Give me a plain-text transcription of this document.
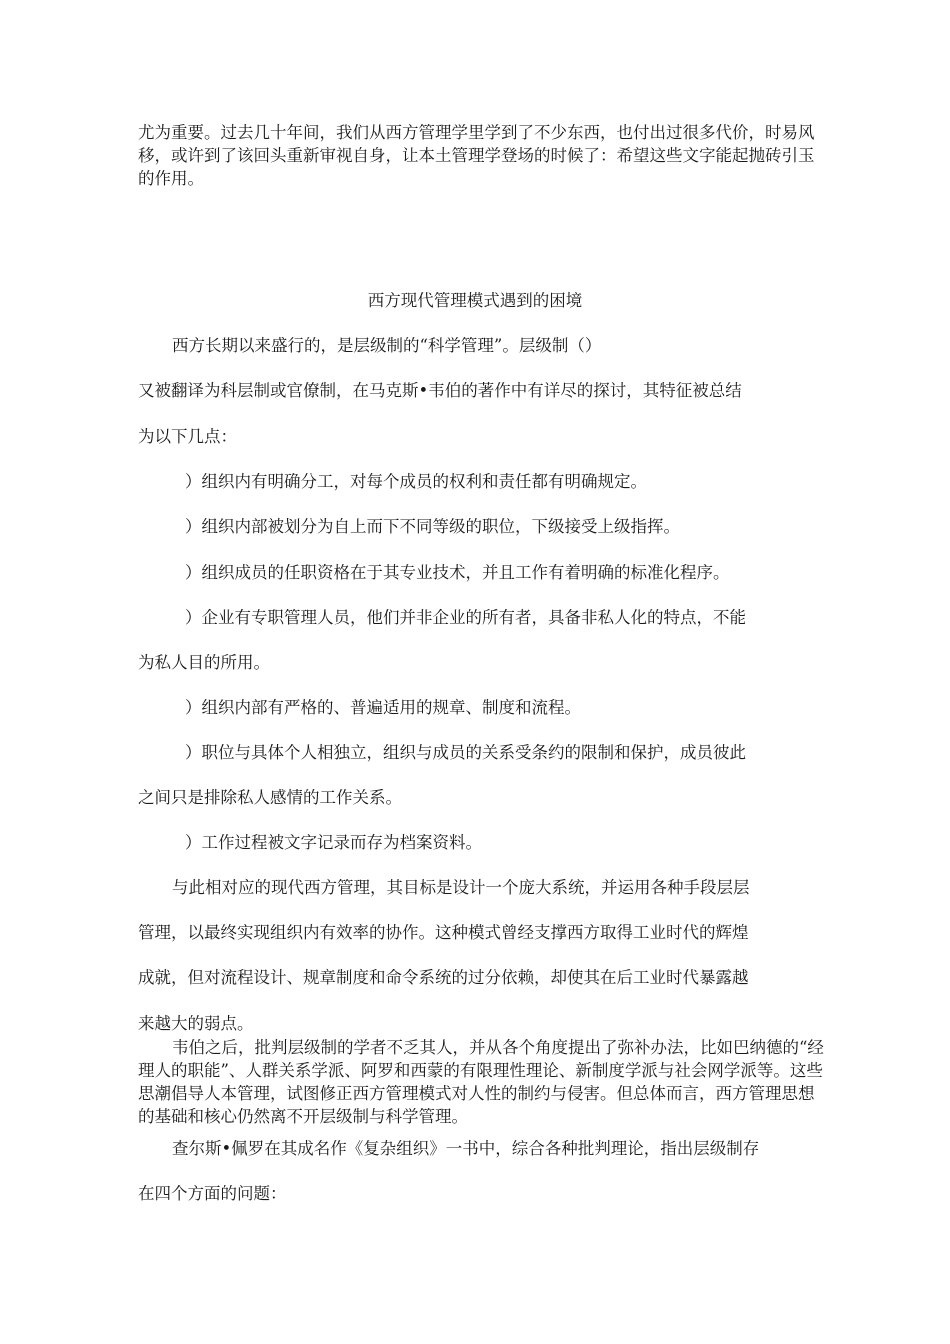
尤为重要。过去几十年间，我们从西方管理学里学到了不少东西，也付出过很多代价，时易风移，或许到了该回头重新审视自身，让本土管理学登场的时候了：希望这些文字能起抛砖引玉的作用。

西方现代管理模式遇到的困境

西方长期以来盛行的，是层级制的“科学管理”。层级制（）

又被翻译为科层制或官僚制，在马克斯•韦伯的著作中有详尽的探讨，其特征被总结

为以下几点：

）组织内有明确分工，对每个成员的权利和责任都有明确规定。

）组织内部被划分为自上而下不同等级的职位，下级接受上级指挥。

）组织成员的任职资格在于其专业技术，并且工作有着明确的标准化程序。

）企业有专职管理人员，他们并非企业的所有者，具备非私人化的特点，不能

为私人目的所用。

）组织内部有严格的、普遍适用的规章、制度和流程。

）职位与具体个人相独立，组织与成员的关系受条约的限制和保护，成员彼此

之间只是排除私人感情的工作关系。

）工作过程被文字记录而存为档案资料。

与此相对应的现代西方管理，其目标是设计一个庞大系统，并运用各种手段层层

管理，以最终实现组织内有效率的协作。这种模式曾经支撑西方取得工业时代的辉煌

成就，但对流程设计、规章制度和命令系统的过分依赖，却使其在后工业时代暴露越

来越大的弱点。

韦伯之后，批判层级制的学者不乏其人，并从各个角度提出了弥补办法，比如巴纳德的“经理人的职能”、人群关系学派、阿罗和西蒙的有限理性理论、新制度学派与社会网学派等。这些思潮倡导人本管理，试图修正西方管理模式对人性的制约与侵害。但总体而言，西方管理思想的基础和核心仍然离不开层级制与科学管理。

查尔斯•佩罗在其成名作《复杂组织》一书中，综合各种批判理论，指出层级制存

在四个方面的问题：
